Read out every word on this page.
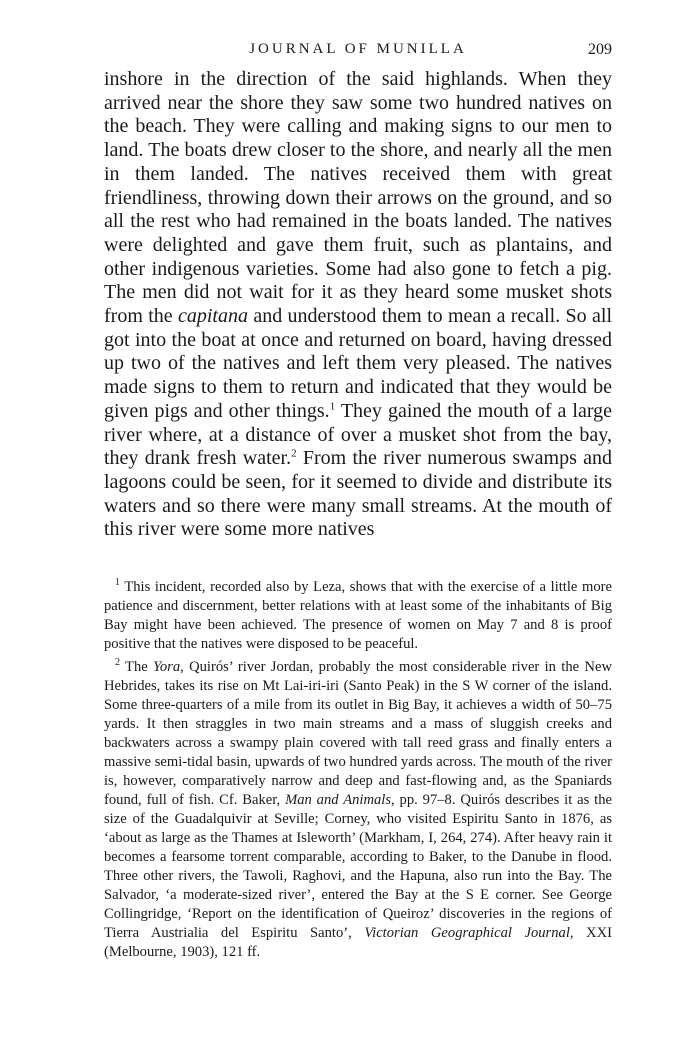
JOURNAL OF MUNILLA	209

inshore in the direction of the said highlands. When they arrived near the shore they saw some two hundred natives on the beach. They were calling and making signs to our men to land. The boats drew closer to the shore, and nearly all the men in them landed. The natives received them with great friendliness, throwing down their arrows on the ground, and so all the rest who had remained in the boats landed. The natives were delighted and gave them fruit, such as plantains, and other indigenous varieties. Some had also gone to fetch a pig. The men did not wait for it as they heard some musket shots from the capitana and understood them to mean a recall. So all got into the boat at once and returned on board, having dressed up two of the natives and left them very pleased. The natives made signs to them to return and indicated that they would be given pigs and other things.$^1$ They gained the mouth of a large river where, at a distance of over a musket shot from the bay, they drank fresh water.$^2$ From the river numerous swamps and lagoons could be seen, for it seemed to divide and distribute its waters and so there were many small streams. At the mouth of this river were some more natives

$^1$ This incident, recorded also by Leza, shows that with the exercise of a little more patience and discernment, better relations with at least some of the inhabitants of Big Bay might have been achieved. The presence of women on May 7 and 8 is proof positive that the natives were disposed to be peaceful.

$^2$ The Yora, Quirós’ river Jordan, probably the most considerable river in the New Hebrides, takes its rise on Mt Lai-iri-iri (Santo Peak) in the S W corner of the island. Some three-quarters of a mile from its outlet in Big Bay, it achieves a width of 50–75 yards. It then straggles in two main streams and a mass of sluggish creeks and backwaters across a swampy plain covered with tall reed grass and finally enters a massive semi-tidal basin, upwards of two hundred yards across. The mouth of the river is, however, comparatively narrow and deep and fast-flowing and, as the Spaniards found, full of fish. Cf. Baker, Man and Animals, pp. 97–8. Quirós describes it as the size of the Guadalquivir at Seville; Corney, who visited Espiritu Santo in 1876, as ‘about as large as the Thames at Isleworth’ (Markham, I, 264, 274). After heavy rain it becomes a fearsome torrent comparable, according to Baker, to the Danube in flood. Three other rivers, the Tawoli, Raghovi, and the Hapuna, also run into the Bay. The Salvador, ‘a moderate-sized river’, entered the Bay at the S E corner. See George Collingridge, ‘Report on the identification of Queiroz’ discoveries in the regions of Tierra Austrialia del Espiritu Santo’, Victorian Geographical Journal, XXI (Melbourne, 1903), 121 ff.
